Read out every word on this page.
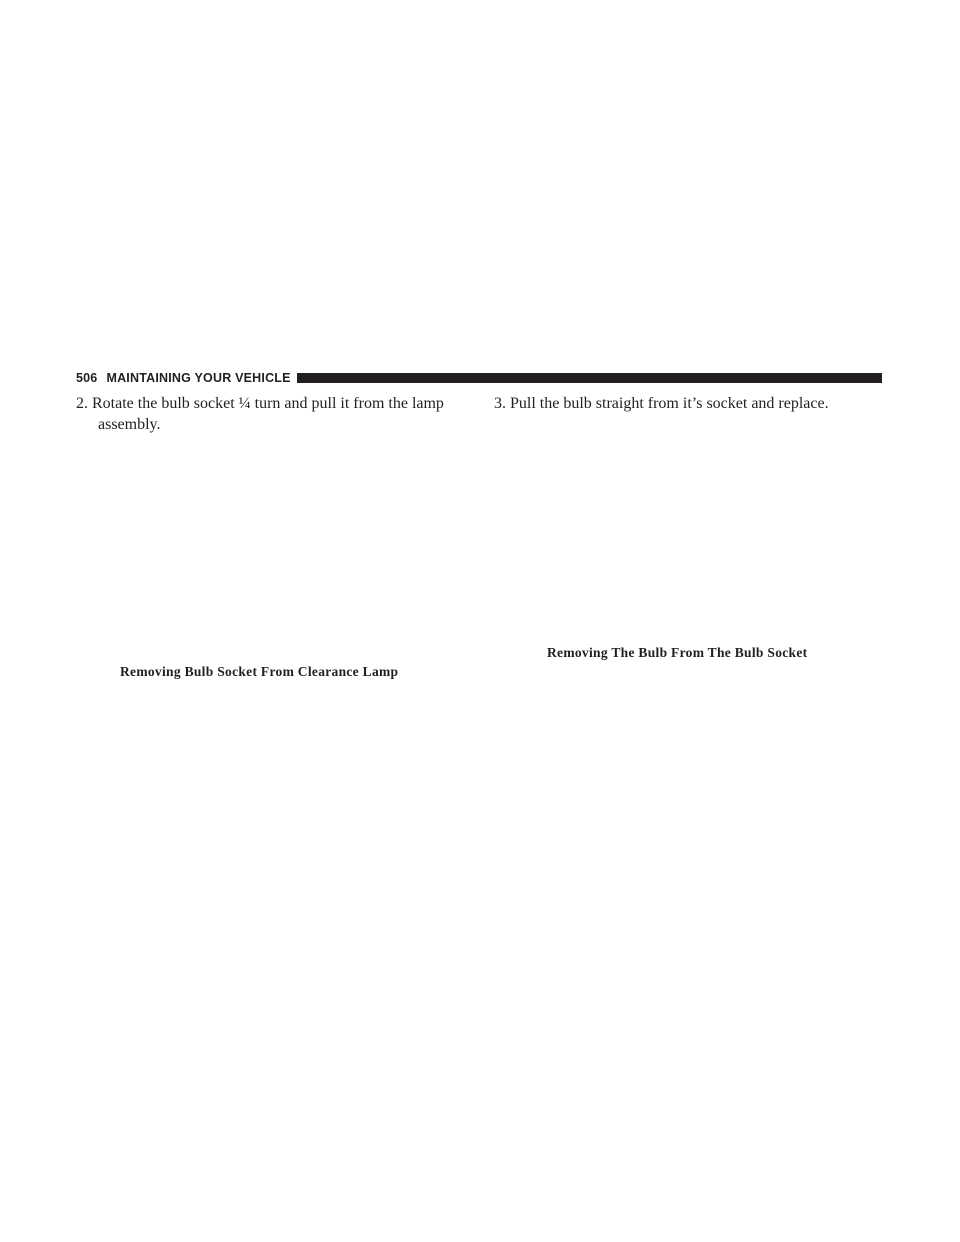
506 MAINTAINING YOUR VEHICLE
2. Rotate the bulb socket ¼ turn and pull it from the lamp
assembly.
Removing Bulb Socket From Clearance Lamp
3. Pull the bulb straight from it’s socket and replace.
Removing The Bulb From The Bulb Socket
